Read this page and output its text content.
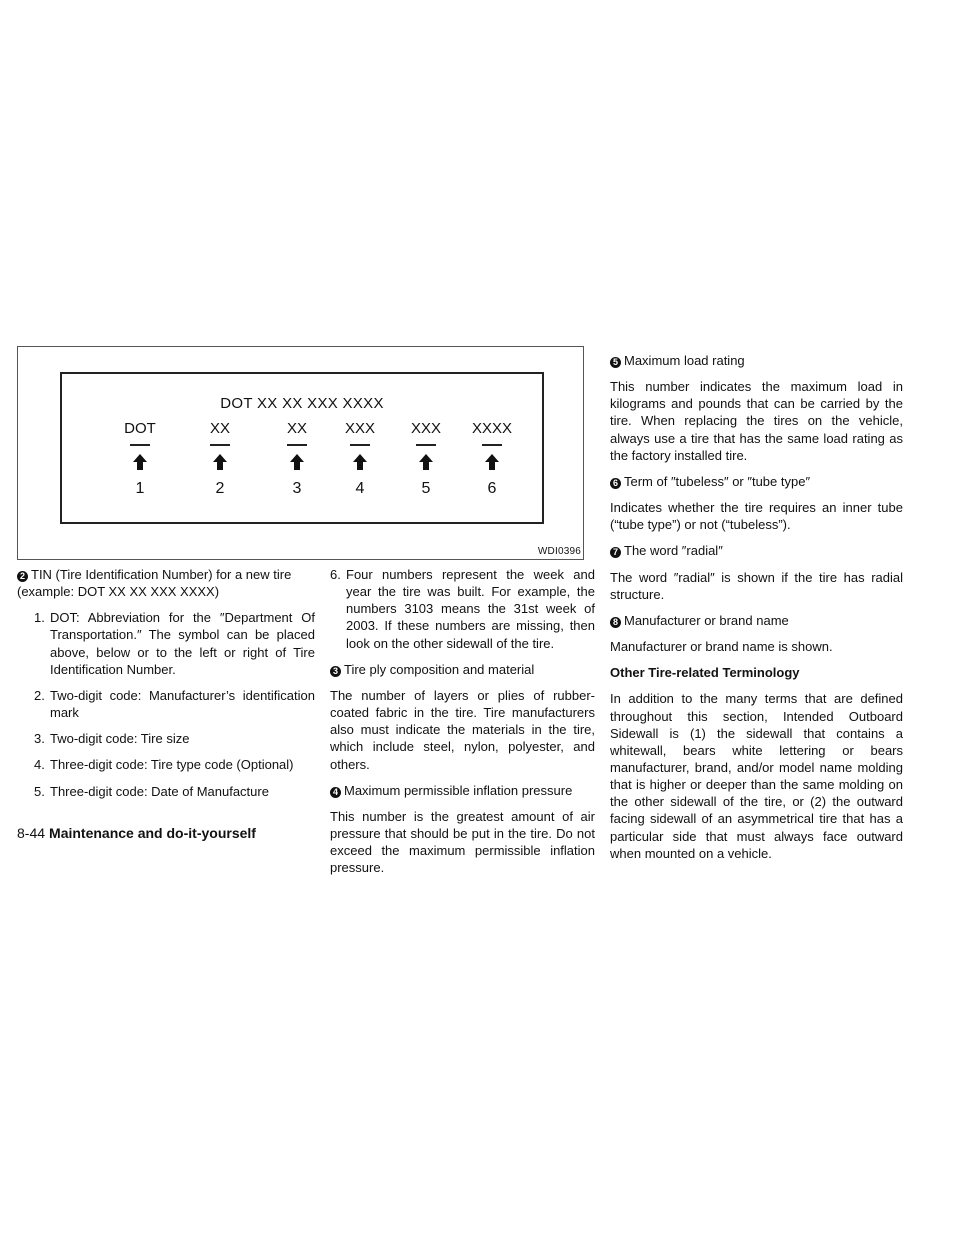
DOT XX XX XXX XXXX
DOT
1
XX
2
XX
3
XXX
4
XXX
5
XXXX
6
WDI0396

2 TIN (Tire Identification Number) for a new tire (example: DOT XX XX XXX XXXX)

1. DOT: Abbreviation for the ″Department Of Transportation.″ The symbol can be placed above, below or to the left or right of Tire Identification Number.
2. Two-digit code: Manufacturer’s identification mark
3. Two-digit code: Tire size
4. Three-digit code: Tire type code (Optional)
5. Three-digit code: Date of Manufacture
6. Four numbers represent the week and year the tire was built. For example, the numbers 3103 means the 31st week of 2003. If these numbers are missing, then look on the other sidewall of the tire.

3 Tire ply composition and material

The number of layers or plies of rubber-coated fabric in the tire. Tire manufacturers also must indicate the materials in the tire, which include steel, nylon, polyester, and others.

4 Maximum permissible inflation pressure

This number is the greatest amount of air pressure that should be put in the tire. Do not exceed the maximum permissible inflation pressure.

5 Maximum load rating

This number indicates the maximum load in kilograms and pounds that can be carried by the tire. When replacing the tires on the vehicle, always use a tire that has the same load rating as the factory installed tire.

6 Term of ″tubeless″ or ″tube type″

Indicates whether the tire requires an inner tube (“tube type”) or not (“tubeless”).

7 The word ″radial″

The word ″radial″ is shown if the tire has radial structure.

8 Manufacturer or brand name

Manufacturer or brand name is shown.

Other Tire-related Terminology

In addition to the many terms that are defined throughout this section, Intended Outboard Sidewall is (1) the sidewall that contains a whitewall, bears white lettering or bears manufacturer, brand, and/or model name molding that is higher or deeper than the same molding on the other sidewall of the tire, or (2) the outward facing sidewall of an asymmetrical tire that has a particular side that must always face outward when mounted on a vehicle.

8-44 Maintenance and do-it-yourself
